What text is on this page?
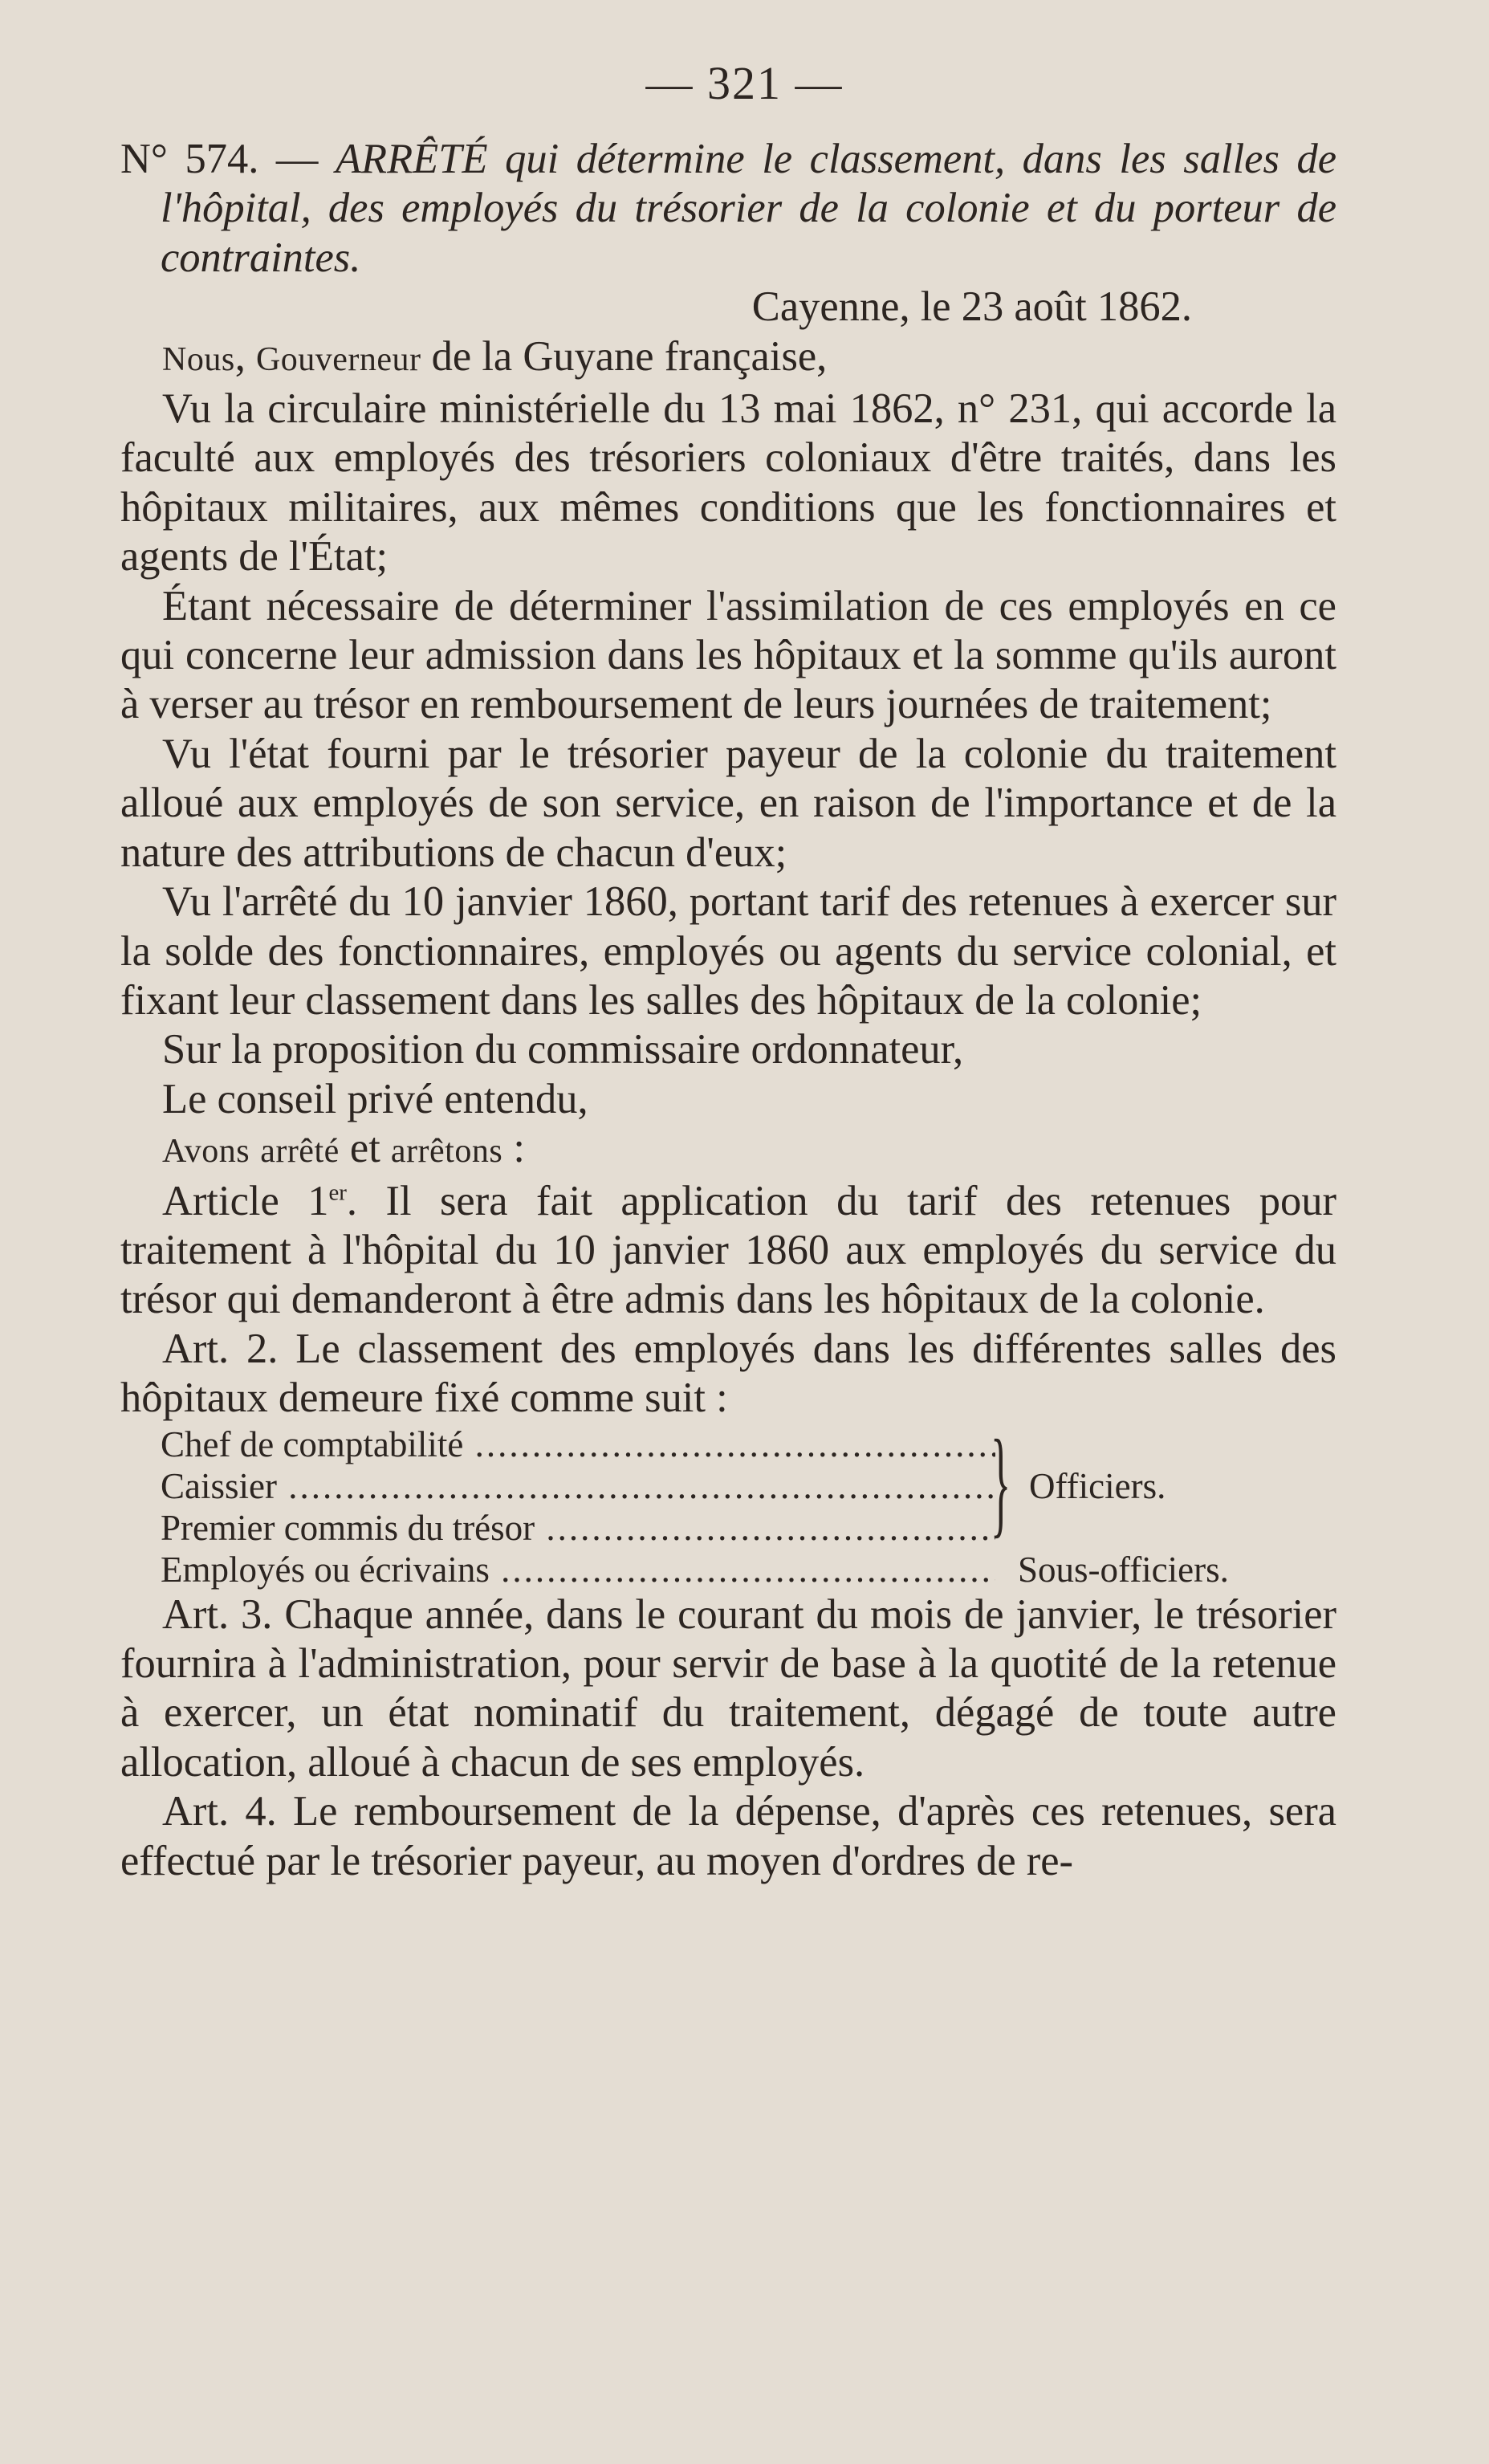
— 321 —

N° 574. — ARRÊTÉ qui détermine le classement, dans les salles de l'hôpital, des employés du trésorier de la colonie et du porteur de contraintes.

Cayenne, le 23 août 1862.

Nous, Gouverneur de la Guyane française,

Vu la circulaire ministérielle du 13 mai 1862, n° 231, qui accorde la faculté aux employés des trésoriers coloniaux d'être traités, dans les hôpitaux militaires, aux mêmes conditions que les fonctionnaires et agents de l'État;

Étant nécessaire de déterminer l'assimilation de ces employés en ce qui concerne leur admission dans les hôpitaux et la somme qu'ils auront à verser au trésor en remboursement de leurs journées de traitement;

Vu l'état fourni par le trésorier payeur de la colonie du traitement alloué aux employés de son service, en raison de l'importance et de la nature des attributions de chacun d'eux;

Vu l'arrêté du 10 janvier 1860, portant tarif des retenues à exercer sur la solde des fonctionnaires, employés ou agents du service colonial, et fixant leur classement dans les salles des hôpitaux de la colonie;

Sur la proposition du commissaire ordonnateur,

Le conseil privé entendu,

Avons arrêté et arrêtons :

Article 1er. Il sera fait application du tarif des retenues pour traitement à l'hôpital du 10 janvier 1860 aux employés du service du trésor qui demanderont à être admis dans les hôpitaux de la colonie.

Art. 2. Le classement des employés dans les différentes salles des hôpitaux demeure fixé comme suit :

Chef de comptabilité .....
Caissier .....
Premier commis du trésor .....	} Officiers.
Employés ou écrivains .....	Sous-officiers.

Art. 3. Chaque année, dans le courant du mois de janvier, le trésorier fournira à l'administration, pour servir de base à la quotité de la retenue à exercer, un état nominatif du traitement, dégagé de toute autre allocation, alloué à chacun de ses employés.

Art. 4. Le remboursement de la dépense, d'après ces retenues, sera effectué par le trésorier payeur, au moyen d'ordres de re-
